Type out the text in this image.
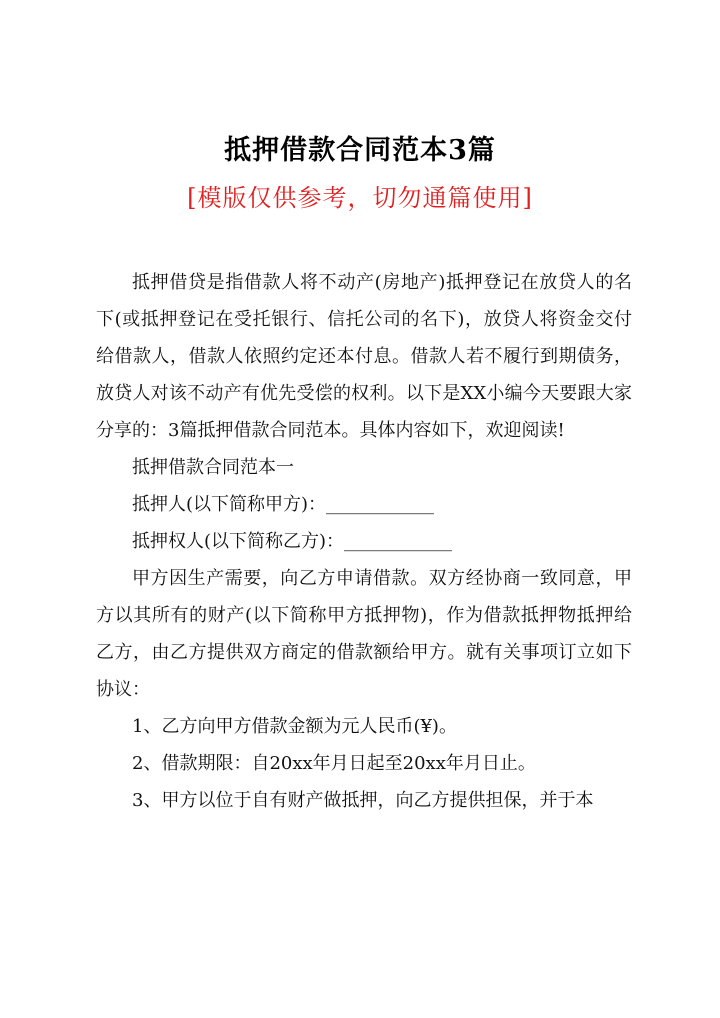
抵押借款合同范本3篇
[模版仅供参考，切勿通篇使用]

抵押借贷是指借款人将不动产(房地产)抵押登记在放贷人的名下(或抵押登记在受托银行、信托公司的名下)，放贷人将资金交付给借款人，借款人依照约定还本付息。借款人若不履行到期债务，放贷人对该不动产有优先受偿的权利。以下是XX小编今天要跟大家分享的：3篇抵押借款合同范本。具体内容如下，欢迎阅读!

抵押借款合同范本一

抵押人(以下简称甲方)：____________

抵押权人(以下简称乙方)：____________

甲方因生产需要，向乙方申请借款。双方经协商一致同意，甲方以其所有的财产(以下简称甲方抵押物)，作为借款抵押物抵押给乙方，由乙方提供双方商定的借款额给甲方。就有关事项订立如下协议：

1、乙方向甲方借款金额为元人民币(¥)。

2、借款期限：自20xx年月日起至20xx年月日止。

3、甲方以位于自有财产做抵押，向乙方提供担保，并于本
